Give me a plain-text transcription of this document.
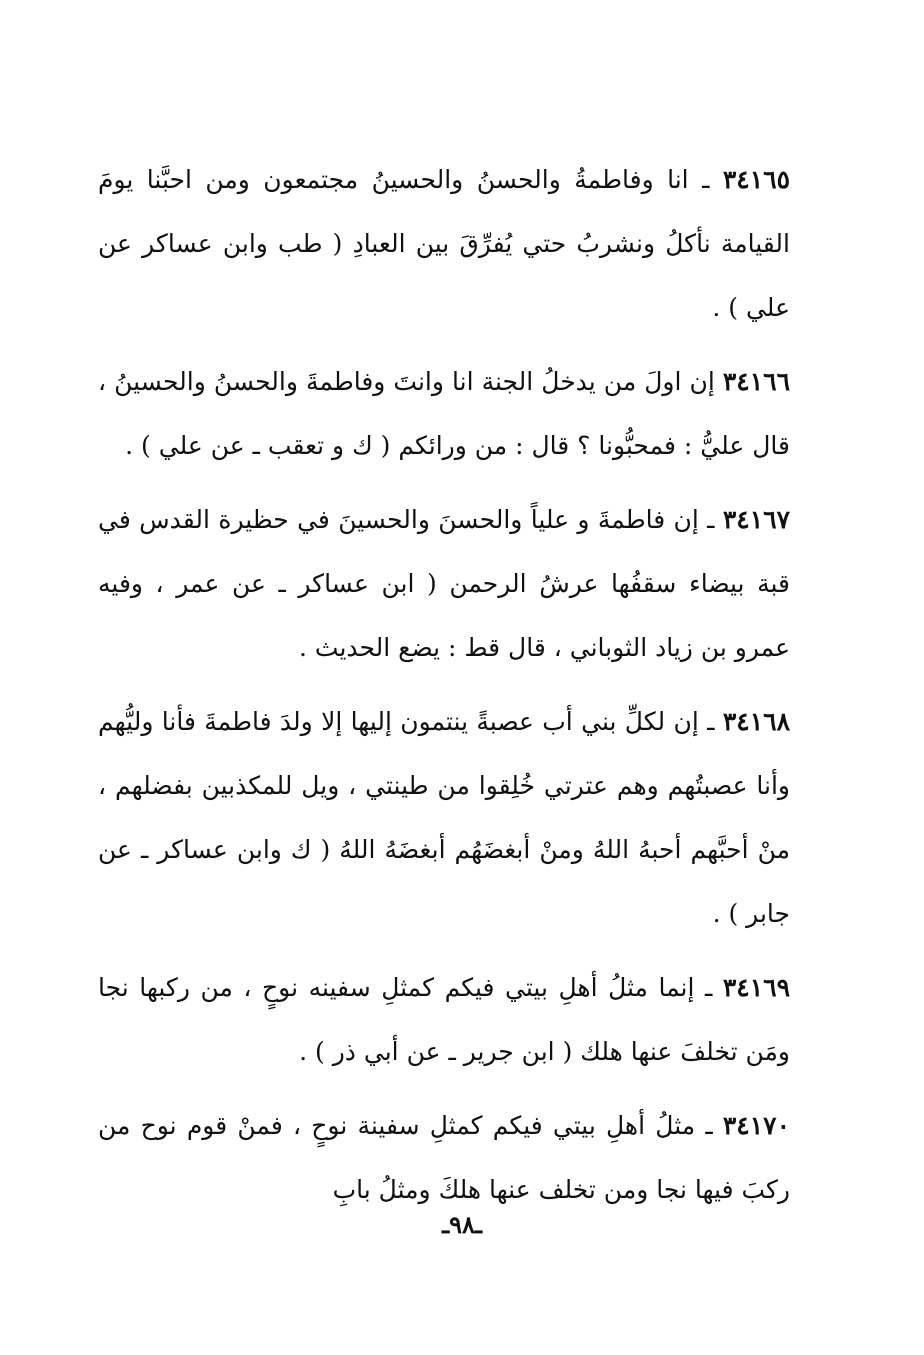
٣٤١٦٥ ـ انا وفاطمةُ والحسنُ والحسينُ مجتمعون ومن احبَّنا يومَ القيامة نأكلُ ونشربُ حتي يُفرِّقَ بين العبادِ ( طب وابن عساكر عن علي ) .

٣٤١٦٦ إن اولَ من يدخلُ الجنة انا وانتَ وفاطمةَ والحسنُ والحسينُ ، قال عليُّ : فمحبُّونا ؟ قال : من ورائكم ( ك و تعقب ـ عن علي ) .

٣٤١٦٧ ـ إن فاطمةَ و علياً والحسنَ والحسينَ في حظيرة القدس في قبة بيضاء سقفُها عرشُ الرحمن ( ابن عساكر ـ عن عمر ، وفيه عمرو بن زياد الثوباني ، قال قط : يضع الحديث .

٣٤١٦٨ ـ إن لكلِّ بني أب عصبةً ينتمون إليها إلا ولدَ فاطمةَ فأنا وليُّهم وأنا عصبتُهم وهم عترتي خُلِقوا من طينتي ، ويل للمكذبين بفضلهم ، منْ أحبَّهم أحبهُ اللهُ ومنْ أبغضَهُم أبغضَهُ اللهُ ( ك وابن عساكر ـ عن جابر ) .

٣٤١٦٩ ـ إنما مثلُ أهلِ بيتي فيكم كمثلِ سفينه نوحٍ ، من ركبها نجا ومَن تخلفَ عنها هلك ( ابن جرير ـ عن أبي ذر ) .

٣٤١٧٠ ـ مثلُ أهلِ بيتي فيكم كمثلِ سفينة نوحٍ ، فمنْ قوم نوح من ركبَ فيها نجا ومن تخلف عنها هلكَ ومثلُ بابِ

ـ٩٨ـ
